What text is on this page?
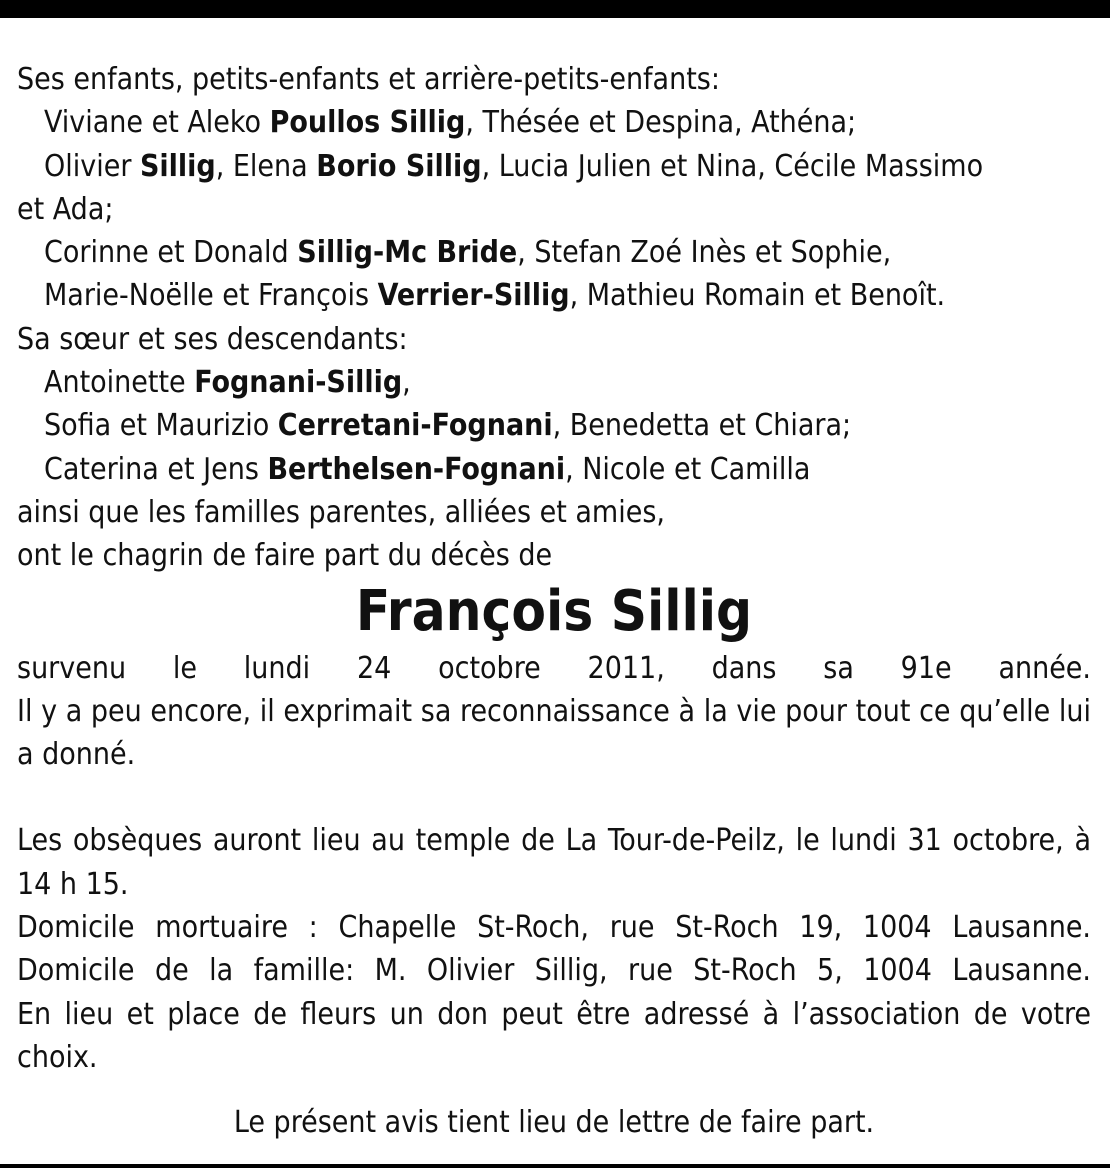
Ses enfants, petits-enfants et arrière-petits-enfants:
Viviane et Aleko Poullos Sillig, Thésée et Despina, Athéna;
Olivier Sillig, Elena Borio Sillig, Lucia Julien et Nina, Cécile Massimo
et Ada;
Corinne et Donald Sillig-Mc Bride, Stefan Zoé Inès et Sophie,
Marie-Noëlle et François Verrier-Sillig, Mathieu Romain et Benoît.
Sa sœur et ses descendants:
Antoinette Fognani-Sillig,
Sofia et Maurizio Cerretani-Fognani, Benedetta et Chiara;
Caterina et Jens Berthelsen-Fognani, Nicole et Camilla
ainsi que les familles parentes, alliées et amies,
ont le chagrin de faire part du décès de
François Sillig
survenu le lundi 24 octobre 2011, dans sa 91e année.
Il y a peu encore, il exprimait sa reconnaissance à la vie pour tout ce qu’elle lui a donné.
Les obsèques auront lieu au temple de La Tour-de-Peilz, le lundi 31 octobre, à 14 h 15.
Domicile mortuaire : Chapelle St-Roch, rue St-Roch 19, 1004 Lausanne.
Domicile de la famille: M. Olivier Sillig, rue St-Roch 5, 1004 Lausanne.
En lieu et place de fleurs un don peut être adressé à l’association de votre choix.
Le présent avis tient lieu de lettre de faire part.
